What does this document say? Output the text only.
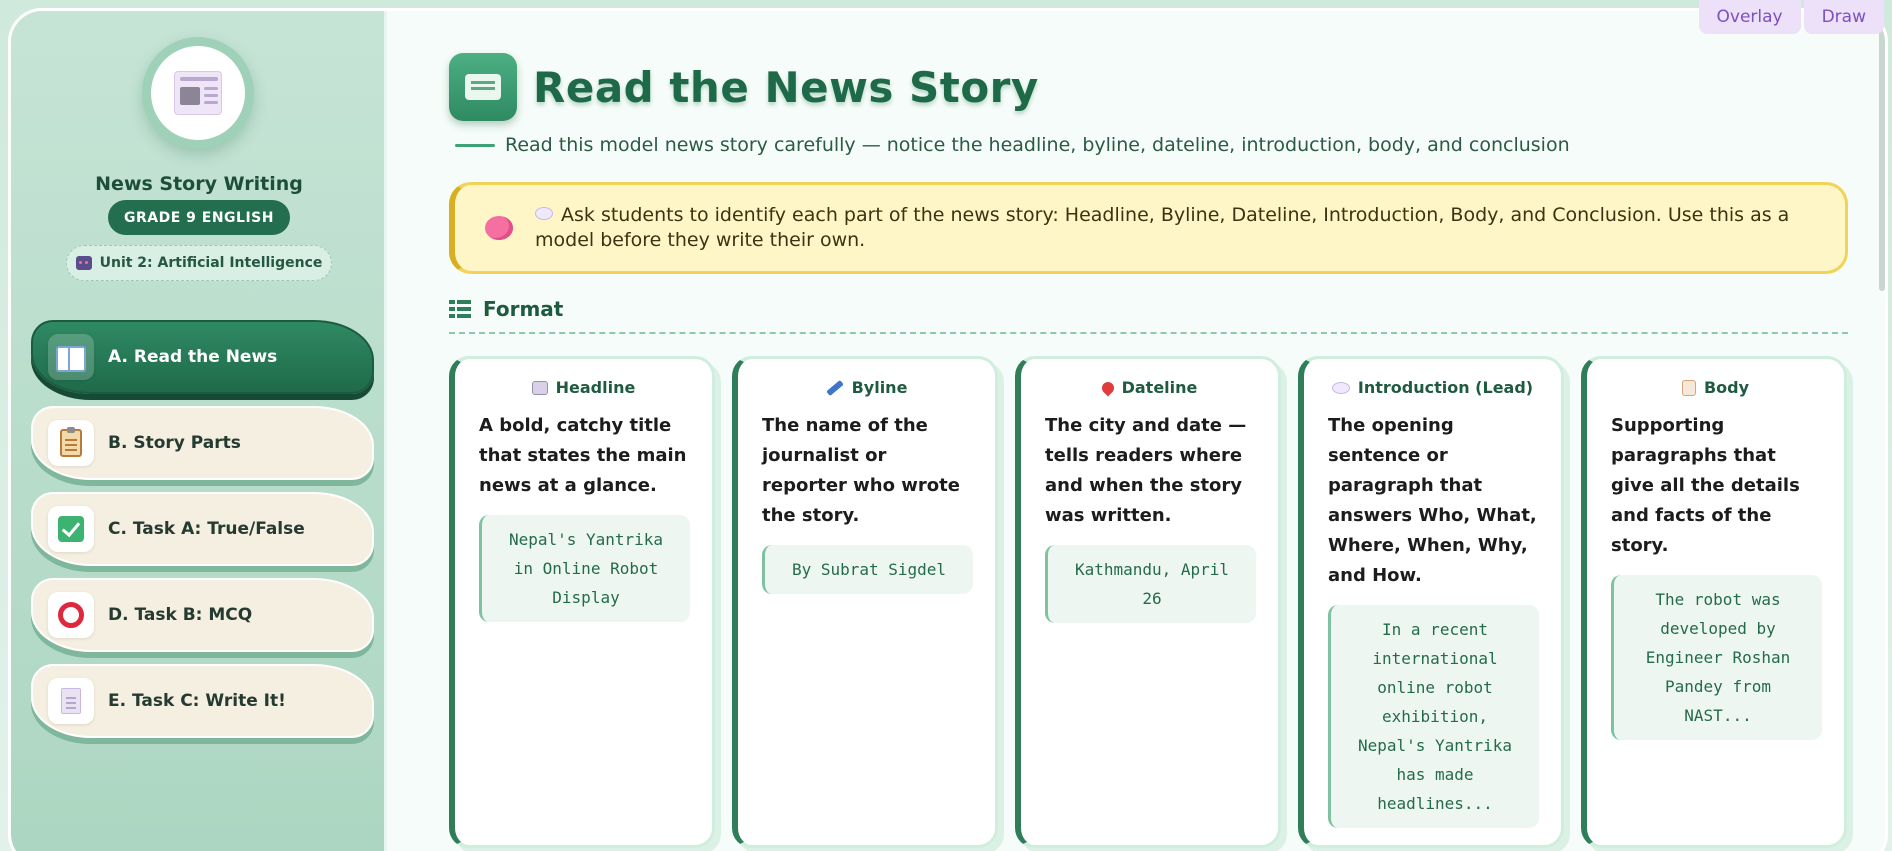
News Story Writing
GRADE 9 ENGLISH
Unit 2: Artificial Intelligence
A. Read the News
B. Story Parts
C. Task A: True/False
D. Task B: MCQ
E. Task C: Write It!
Read the News Story
Read this model news story carefully — notice the headline, byline, dateline, introduction, body, and conclusion
Ask students to identify each part of the news story: Headline, Byline, Dateline, Introduction, Body, and Conclusion. Use this as a model before they write their own.
Format
Headline
A bold, catchy title that states the main news at a glance.
Nepal's Yantrika in Online Robot Display
Byline
The name of the journalist or reporter who wrote the story.
By Subrat Sigdel
Dateline
The city and date — tells readers where and when the story was written.
Kathmandu, April 26
Introduction (Lead)
The opening sentence or paragraph that answers Who, What, Where, When, Why, and How.
In a recent international online robot exhibition, Nepal's Yantrika has made headlines...
Body
Supporting paragraphs that give all the details and facts of the story.
The robot was developed by Engineer Roshan Pandey from NAST...
Overlay	Draw
